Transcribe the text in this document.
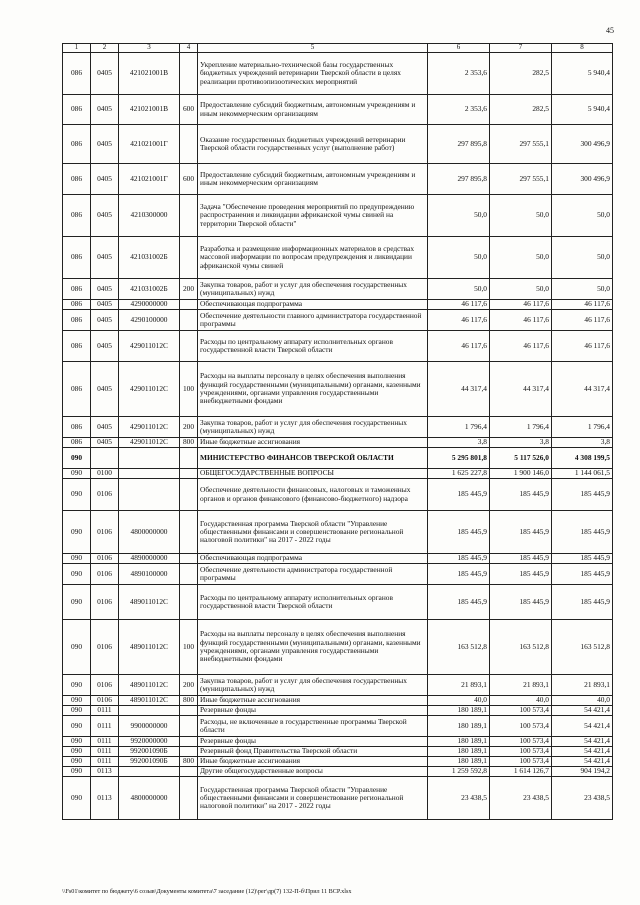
45
1	2	3	4	5	6	7	8
086	0405	421021001В		Укрепление материально-технической базы государственных бюджетных учреждений ветеринарии Тверской области в целях реализации противоэпизоотических мероприятий	2 353,6	282,5	5 940,4
086	0405	421021001В	600	Предоставление субсидий бюджетным, автономным учреждениям и иным некоммерческим организациям	2 353,6	282,5	5 940,4
086	0405	421021001Г		Оказание государственных бюджетных учреждений ветеринарии Тверской области государственных услуг (выполнение работ)	297 895,8	297 555,1	300 496,9
086	0405	421021001Г	600	Предоставление субсидий бюджетным, автономным учреждениям и иным некоммерческим организациям	297 895,8	297 555,1	300 496,9
086	0405	4210300000		Задача "Обеспечение проведения мероприятий по предупреждению распространения и ликвидации африканской чумы свиней на территории Тверской области"	50,0	50,0	50,0
086	0405	421031002Б		Разработка и размещение информационных материалов в средствах массовой информации по вопросам предупреждения и ликвидации африканской чумы свиней	50,0	50,0	50,0
086	0405	421031002Б	200	Закупка товаров, работ и услуг для обеспечения государственных (муниципальных) нужд	50,0	50,0	50,0
086	0405	4290000000		Обеспечивающая подпрограмма	46 117,6	46 117,6	46 117,6
086	0405	4290100000		Обеспечение деятельности главного администратора государственной программы	46 117,6	46 117,6	46 117,6
086	0405	429011012С		Расходы по центральному аппарату исполнительных органов государственной власти Тверской области	46 117,6	46 117,6	46 117,6
086	0405	429011012С	100	Расходы на выплаты персоналу в целях обеспечения выполнения функций государственными (муниципальными) органами, казенными учреждениями, органами управления государственными внебюджетными фондами	44 317,4	44 317,4	44 317,4
086	0405	429011012С	200	Закупка товаров, работ и услуг для обеспечения государственных (муниципальных) нужд	1 796,4	1 796,4	1 796,4
086	0405	429011012С	800	Иные бюджетные ассигнования	3,8	3,8	3,8
090				МИНИСТЕРСТВО ФИНАНСОВ ТВЕРСКОЙ ОБЛАСТИ	5 295 801,8	5 117 526,0	4 308 199,5
090	0100			ОБЩЕГОСУДАРСТВЕННЫЕ ВОПРОСЫ	1 625 227,8	1 900 146,0	1 144 061,5
090	0106			Обеспечение деятельности финансовых, налоговых и таможенных органов и органов финансового (финансово-бюджетного) надзора	185 445,9	185 445,9	185 445,9
090	0106	4800000000		Государственная программа Тверской области "Управление общественными финансами и совершенствование региональной налоговой политики" на 2017 - 2022 годы	185 445,9	185 445,9	185 445,9
090	0106	4890000000		Обеспечивающая подпрограмма	185 445,9	185 445,9	185 445,9
090	0106	4890100000		Обеспечение деятельности администратора государственной программы	185 445,9	185 445,9	185 445,9
090	0106	489011012С		Расходы по центральному аппарату исполнительных органов государственной власти Тверской области	185 445,9	185 445,9	185 445,9
090	0106	489011012С	100	Расходы на выплаты персоналу в целях обеспечения выполнения функций государственными (муниципальными) органами, казенными учреждениями, органами управления государственными внебюджетными фондами	163 512,8	163 512,8	163 512,8
090	0106	489011012С	200	Закупка товаров, работ и услуг для обеспечения государственных (муниципальных) нужд	21 893,1	21 893,1	21 893,1
090	0106	489011012С	800	Иные бюджетные ассигнования	40,0	40,0	40,0
090	0111			Резервные фонды	180 189,1	100 573,4	54 421,4
090	0111	9900000000		Расходы, не включенные в государственные программы Тверской области	180 189,1	100 573,4	54 421,4
090	0111	9920000000		Резервные фонды	180 189,1	100 573,4	54 421,4
090	0111	992001090Б		Резервный фонд Правительства Тверской области	180 189,1	100 573,4	54 421,4
090	0111	992001090Б	800	Иные бюджетные ассигнования	180 189,1	100 573,4	54 421,4
090	0113			Другие общегосударственные вопросы	1 259 592,8	1 614 126,7	904 194,2
090	0113	4800000000		Государственная программа Тверской области "Управление общественными финансами и совершенствование региональной налоговой политики" на 2017 - 2022 годы	23 438,5	23 438,5	23 438,5
\\Fs01\комитет по бюджету\6 созыв\Документы комитета\7 заседание (12)\рег\др(7) 132-П-б\Прил 11 ВСР.xlsx
